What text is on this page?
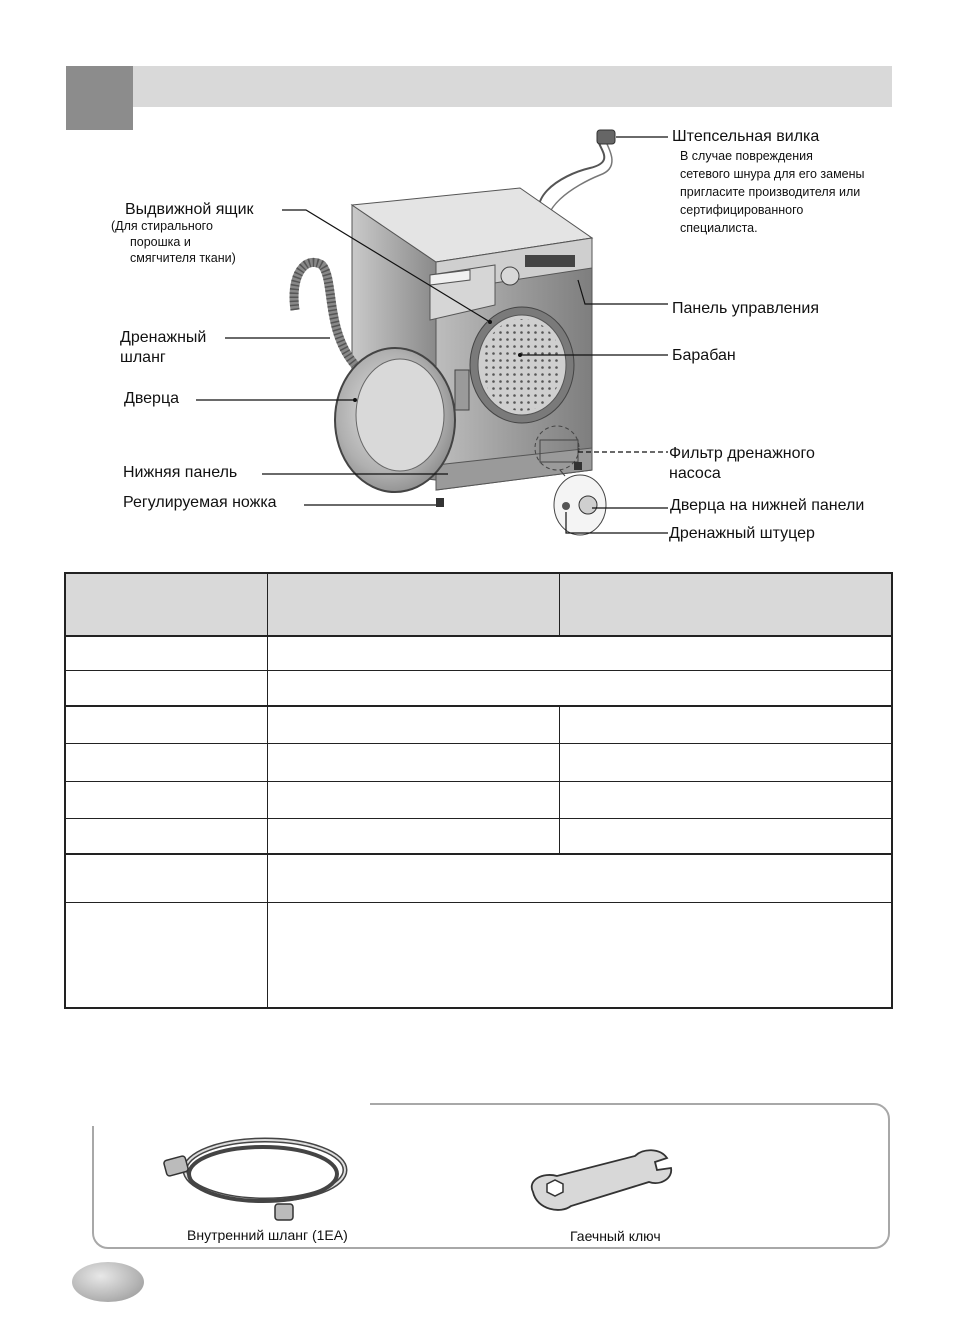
Штепсельная вилка
В случае повреждения
сетевого шнура для его замены
пригласите производителя или
сертифицированного
специалиста.
Выдвижной ящик
(Для стирального
порошка и
смягчителя ткани)
Панель управления
Дренажный
шланг	Барабан
Дверца
Фильтр дренажного
насоса
Нижняя панель
Регулируемая ножка	Дверца на нижней панели
Дренажный штуцер

Внутренний шланг (1EA)	Гаечный ключ
